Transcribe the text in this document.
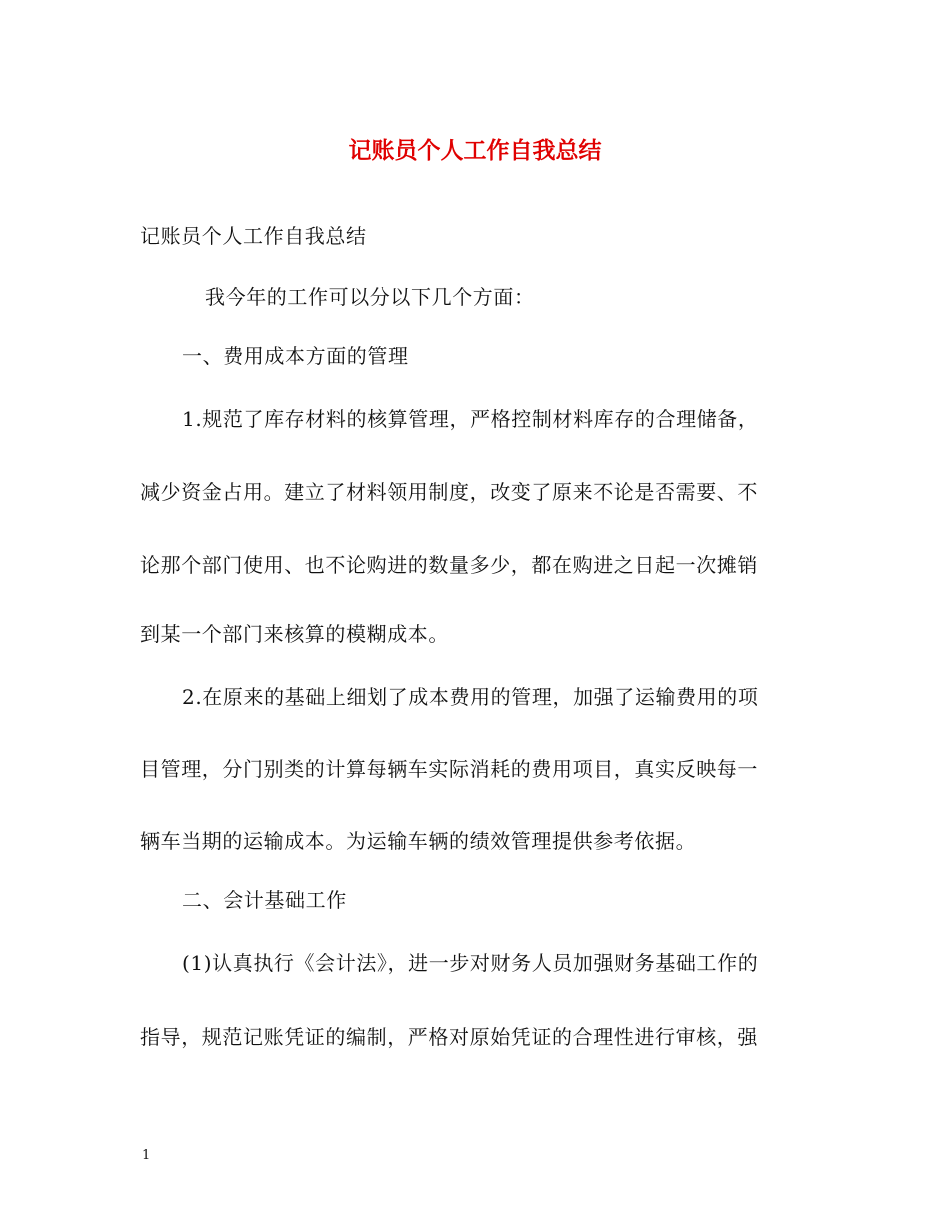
记账员个人工作自我总结
记账员个人工作自我总结
我今年的工作可以分以下几个方面：
一、费用成本方面的管理
1.规范了库存材料的核算管理，严格控制材料库存的合理储备，
减少资金占用。建立了材料领用制度，改变了原来不论是否需要、不
论那个部门使用、也不论购进的数量多少，都在购进之日起一次摊销
到某一个部门来核算的模糊成本。
2.在原来的基础上细划了成本费用的管理，加强了运输费用的项
目管理，分门别类的计算每辆车实际消耗的费用项目，真实反映每一
辆车当期的运输成本。为运输车辆的绩效管理提供参考依据。
二、会计基础工作
(1)认真执行《会计法》，进一步对财务人员加强财务基础工作的
指导，规范记账凭证的编制，严格对原始凭证的合理性进行审核，强
1
